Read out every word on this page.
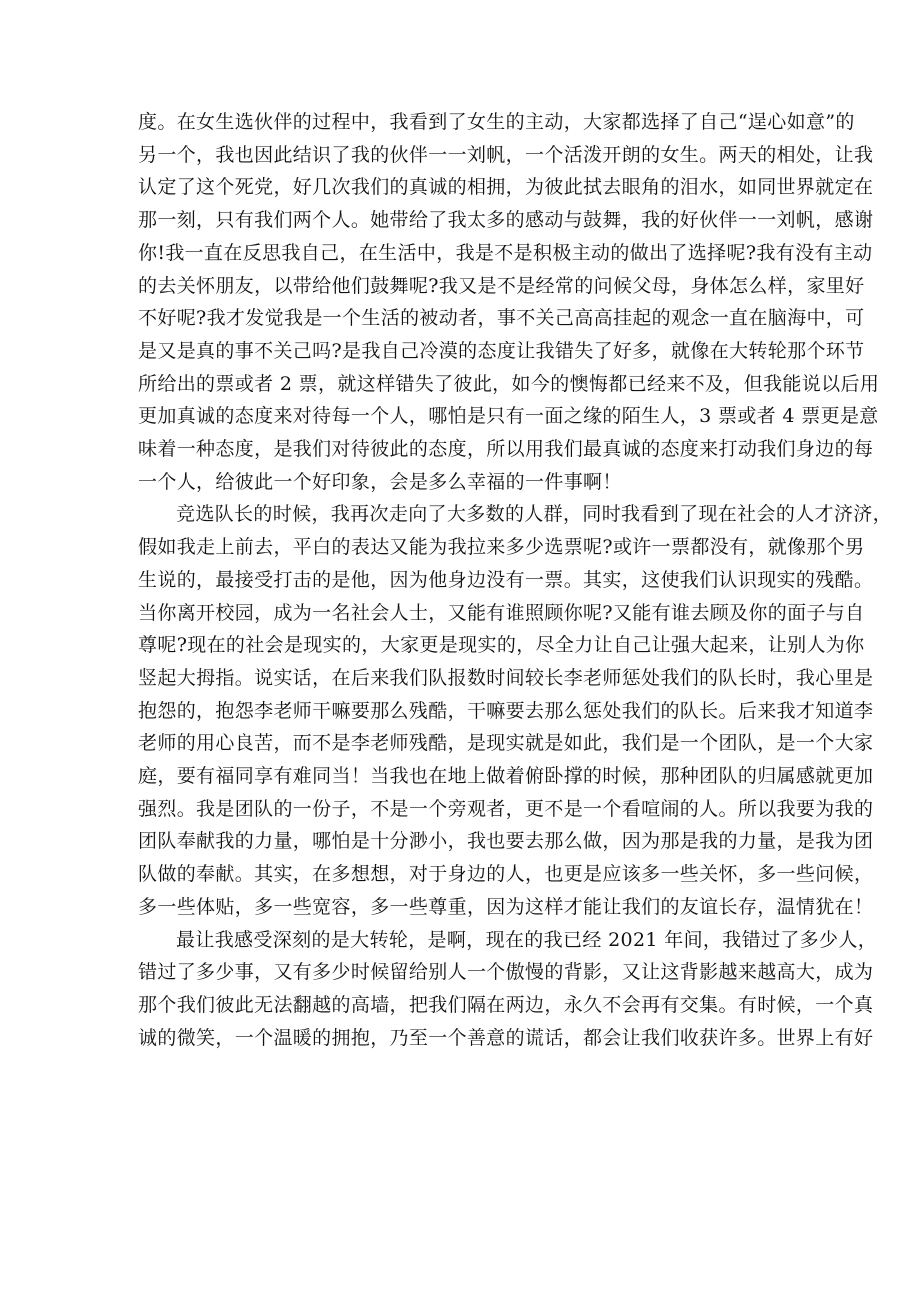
度。在女生选伙伴的过程中，我看到了女生的主动，大家都选择了自己“逞心如意”的
另一个，我也因此结识了我的伙伴一一刘帆，一个活泼开朗的女生。两天的相处，让我
认定了这个死党，好几次我们的真诚的相拥，为彼此拭去眼角的泪水，如同世界就定在
那一刻，只有我们两个人。她带给了我太多的感动与鼓舞，我的好伙伴一一刘帆，感谢
你!我一直在反思我自己，在生活中，我是不是积极主动的做出了选择呢?我有没有主动
的去关怀朋友，以带给他们鼓舞呢?我又是不是经常的问候父母，身体怎么样，家里好
不好呢?我才发觉我是一个生活的被动者，事不关己高高挂起的观念一直在脑海中，可
是又是真的事不关己吗?是我自己冷漠的态度让我错失了好多，就像在大转轮那个环节
所给出的票或者 2 票，就这样错失了彼此，如今的懊悔都已经来不及，但我能说以后用
更加真诚的态度来对待每一个人，哪怕是只有一面之缘的陌生人，3 票或者 4 票更是意
味着一种态度，是我们对待彼此的态度，所以用我们最真诚的态度来打动我们身边的每
一个人，给彼此一个好印象，会是多么幸福的一件事啊！
竞选队长的时候，我再次走向了大多数的人群，同时我看到了现在社会的人才济济，
假如我走上前去，平白的表达又能为我拉来多少选票呢?或许一票都没有，就像那个男
生说的，最接受打击的是他，因为他身边没有一票。其实，这使我们认识现实的残酷。
当你离开校园，成为一名社会人士，又能有谁照顾你呢?又能有谁去顾及你的面子与自
尊呢?现在的社会是现实的，大家更是现实的，尽全力让自己让强大起来，让别人为你
竖起大拇指。说实话，在后来我们队报数时间较长李老师惩处我们的队长时，我心里是
抱怨的，抱怨李老师干嘛要那么残酷，干嘛要去那么惩处我们的队长。后来我才知道李
老师的用心良苦，而不是李老师残酷，是现实就是如此，我们是一个团队，是一个大家
庭，要有福同享有难同当！当我也在地上做着俯卧撑的时候，那种团队的归属感就更加
强烈。我是团队的一份子，不是一个旁观者，更不是一个看喧闹的人。所以我要为我的
团队奉献我的力量，哪怕是十分渺小，我也要去那么做，因为那是我的力量，是我为团
队做的奉献。其实，在多想想，对于身边的人，也更是应该多一些关怀，多一些问候，
多一些体贴，多一些宽容，多一些尊重，因为这样才能让我们的友谊长存，温情犹在！
最让我感受深刻的是大转轮，是啊，现在的我已经 2021 年间，我错过了多少人，
错过了多少事，又有多少时候留给别人一个傲慢的背影，又让这背影越来越高大，成为
那个我们彼此无法翻越的高墙，把我们隔在两边，永久不会再有交集。有时候，一个真
诚的微笑，一个温暖的拥抱，乃至一个善意的谎话，都会让我们收获许多。世界上有好
